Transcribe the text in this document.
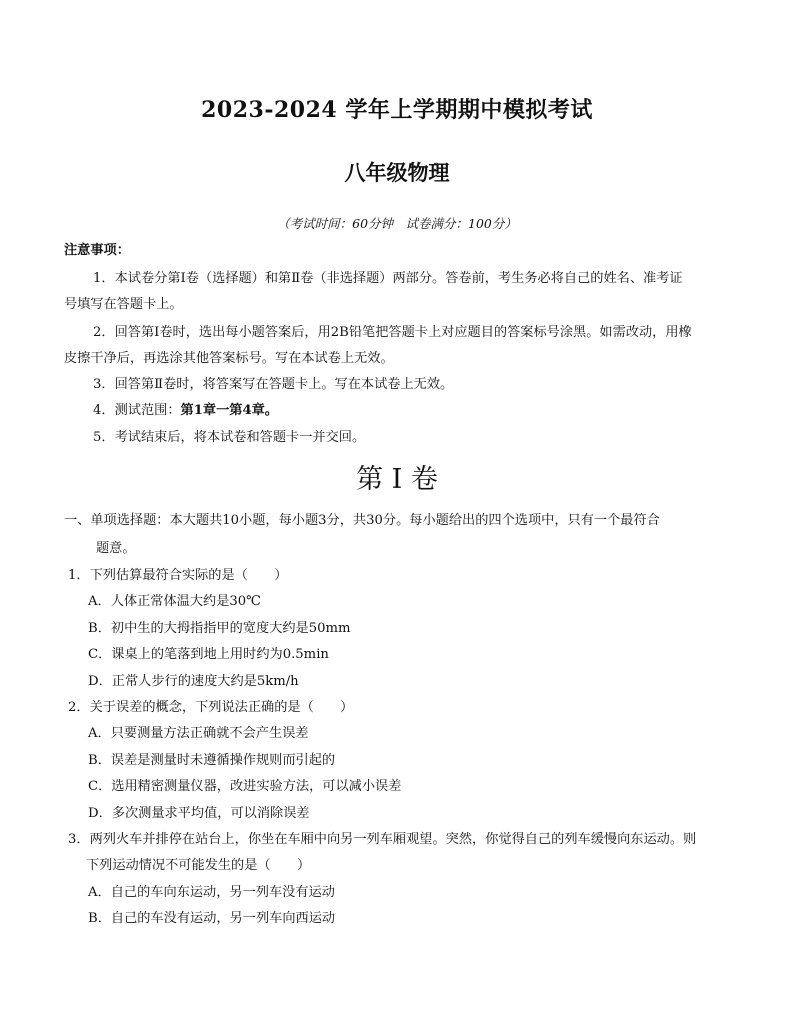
2023-2024 学年上学期期中模拟考试
八年级物理
（考试时间：60分钟　试卷满分：100分）
注意事项：
1．本试卷分第Ⅰ卷（选择题）和第Ⅱ卷（非选择题）两部分。答卷前，考生务必将自己的姓名、准考证
号填写在答题卡上。
2．回答第Ⅰ卷时，选出每小题答案后，用2B铅笔把答题卡上对应题目的答案标号涂黑。如需改动，用橡
皮擦干净后，再选涂其他答案标号。写在本试卷上无效。
3．回答第Ⅱ卷时，将答案写在答题卡上。写在本试卷上无效。
4．测试范围：第1章一第4章。
5．考试结束后，将本试卷和答题卡一并交回。
第 I 卷
一、单项选择题：本大题共10小题，每小题3分，共30分。每小题给出的四个选项中，只有一个最符合
题意。
1．下列估算最符合实际的是（　　）
A．人体正常体温大约是30℃
B．初中生的大拇指指甲的宽度大约是50mm
C．课桌上的笔落到地上用时约为0.5min
D．正常人步行的速度大约是5km/h
2．关于误差的概念，下列说法正确的是（　　）
A．只要测量方法正确就不会产生误差
B．误差是测量时未遵循操作规则而引起的
C．选用精密测量仪器，改进实验方法，可以减小误差
D．多次测量求平均值，可以消除误差
3．两列火车并排停在站台上，你坐在车厢中向另一列车厢观望。突然，你觉得自己的列车缓慢向东运动。则
下列运动情况不可能发生的是（　　）
A．自己的车向东运动，另一列车没有运动
B．自己的车没有运动，另一列车向西运动
